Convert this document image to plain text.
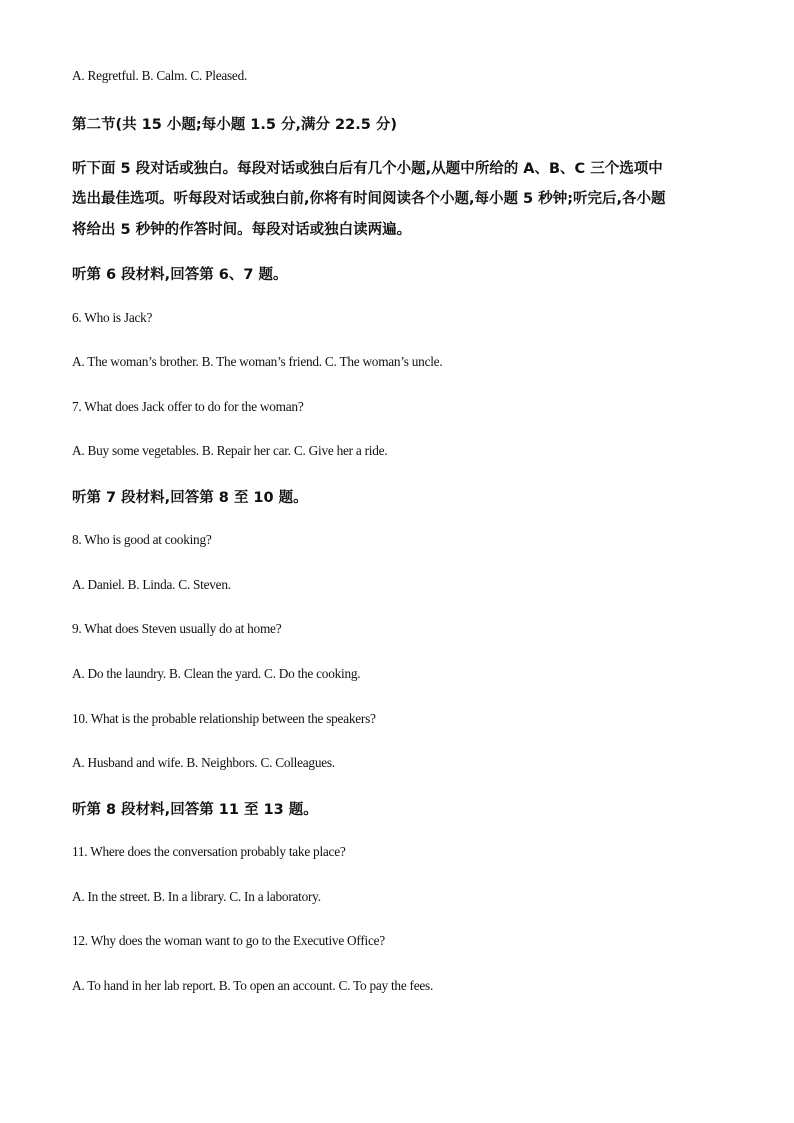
A. Regretful. B. Calm. C. Pleased.
第二节(共 15 小题;每小题 1.5 分,满分 22.5 分)
听下面 5 段对话或独白。每段对话或独白后有几个小题,从题中所给的 A、B、C 三个选项中
选出最佳选项。听每段对话或独白前,你将有时间阅读各个小题,每小题 5 秒钟;听完后,各小题
将给出 5 秒钟的作答时间。每段对话或独白读两遍。
听第 6 段材料,回答第 6、7 题。
6. Who is Jack?
A. The woman’s brother. B. The woman’s friend. C. The woman’s uncle.
7. What does Jack offer to do for the woman?
A. Buy some vegetables. B. Repair her car. C. Give her a ride.
听第 7 段材料,回答第 8 至 10 题。
8. Who is good at cooking?
A. Daniel. B. Linda. C. Steven.
9. What does Steven usually do at home?
A. Do the laundry. B. Clean the yard. C. Do the cooking.
10. What is the probable relationship between the speakers?
A. Husband and wife. B. Neighbors. C. Colleagues.
听第 8 段材料,回答第 11 至 13 题。
11. Where does the conversation probably take place?
A. In the street. B. In a library. C. In a laboratory.
12. Why does the woman want to go to the Executive Office?
A. To hand in her lab report. B. To open an account. C. To pay the fees.
